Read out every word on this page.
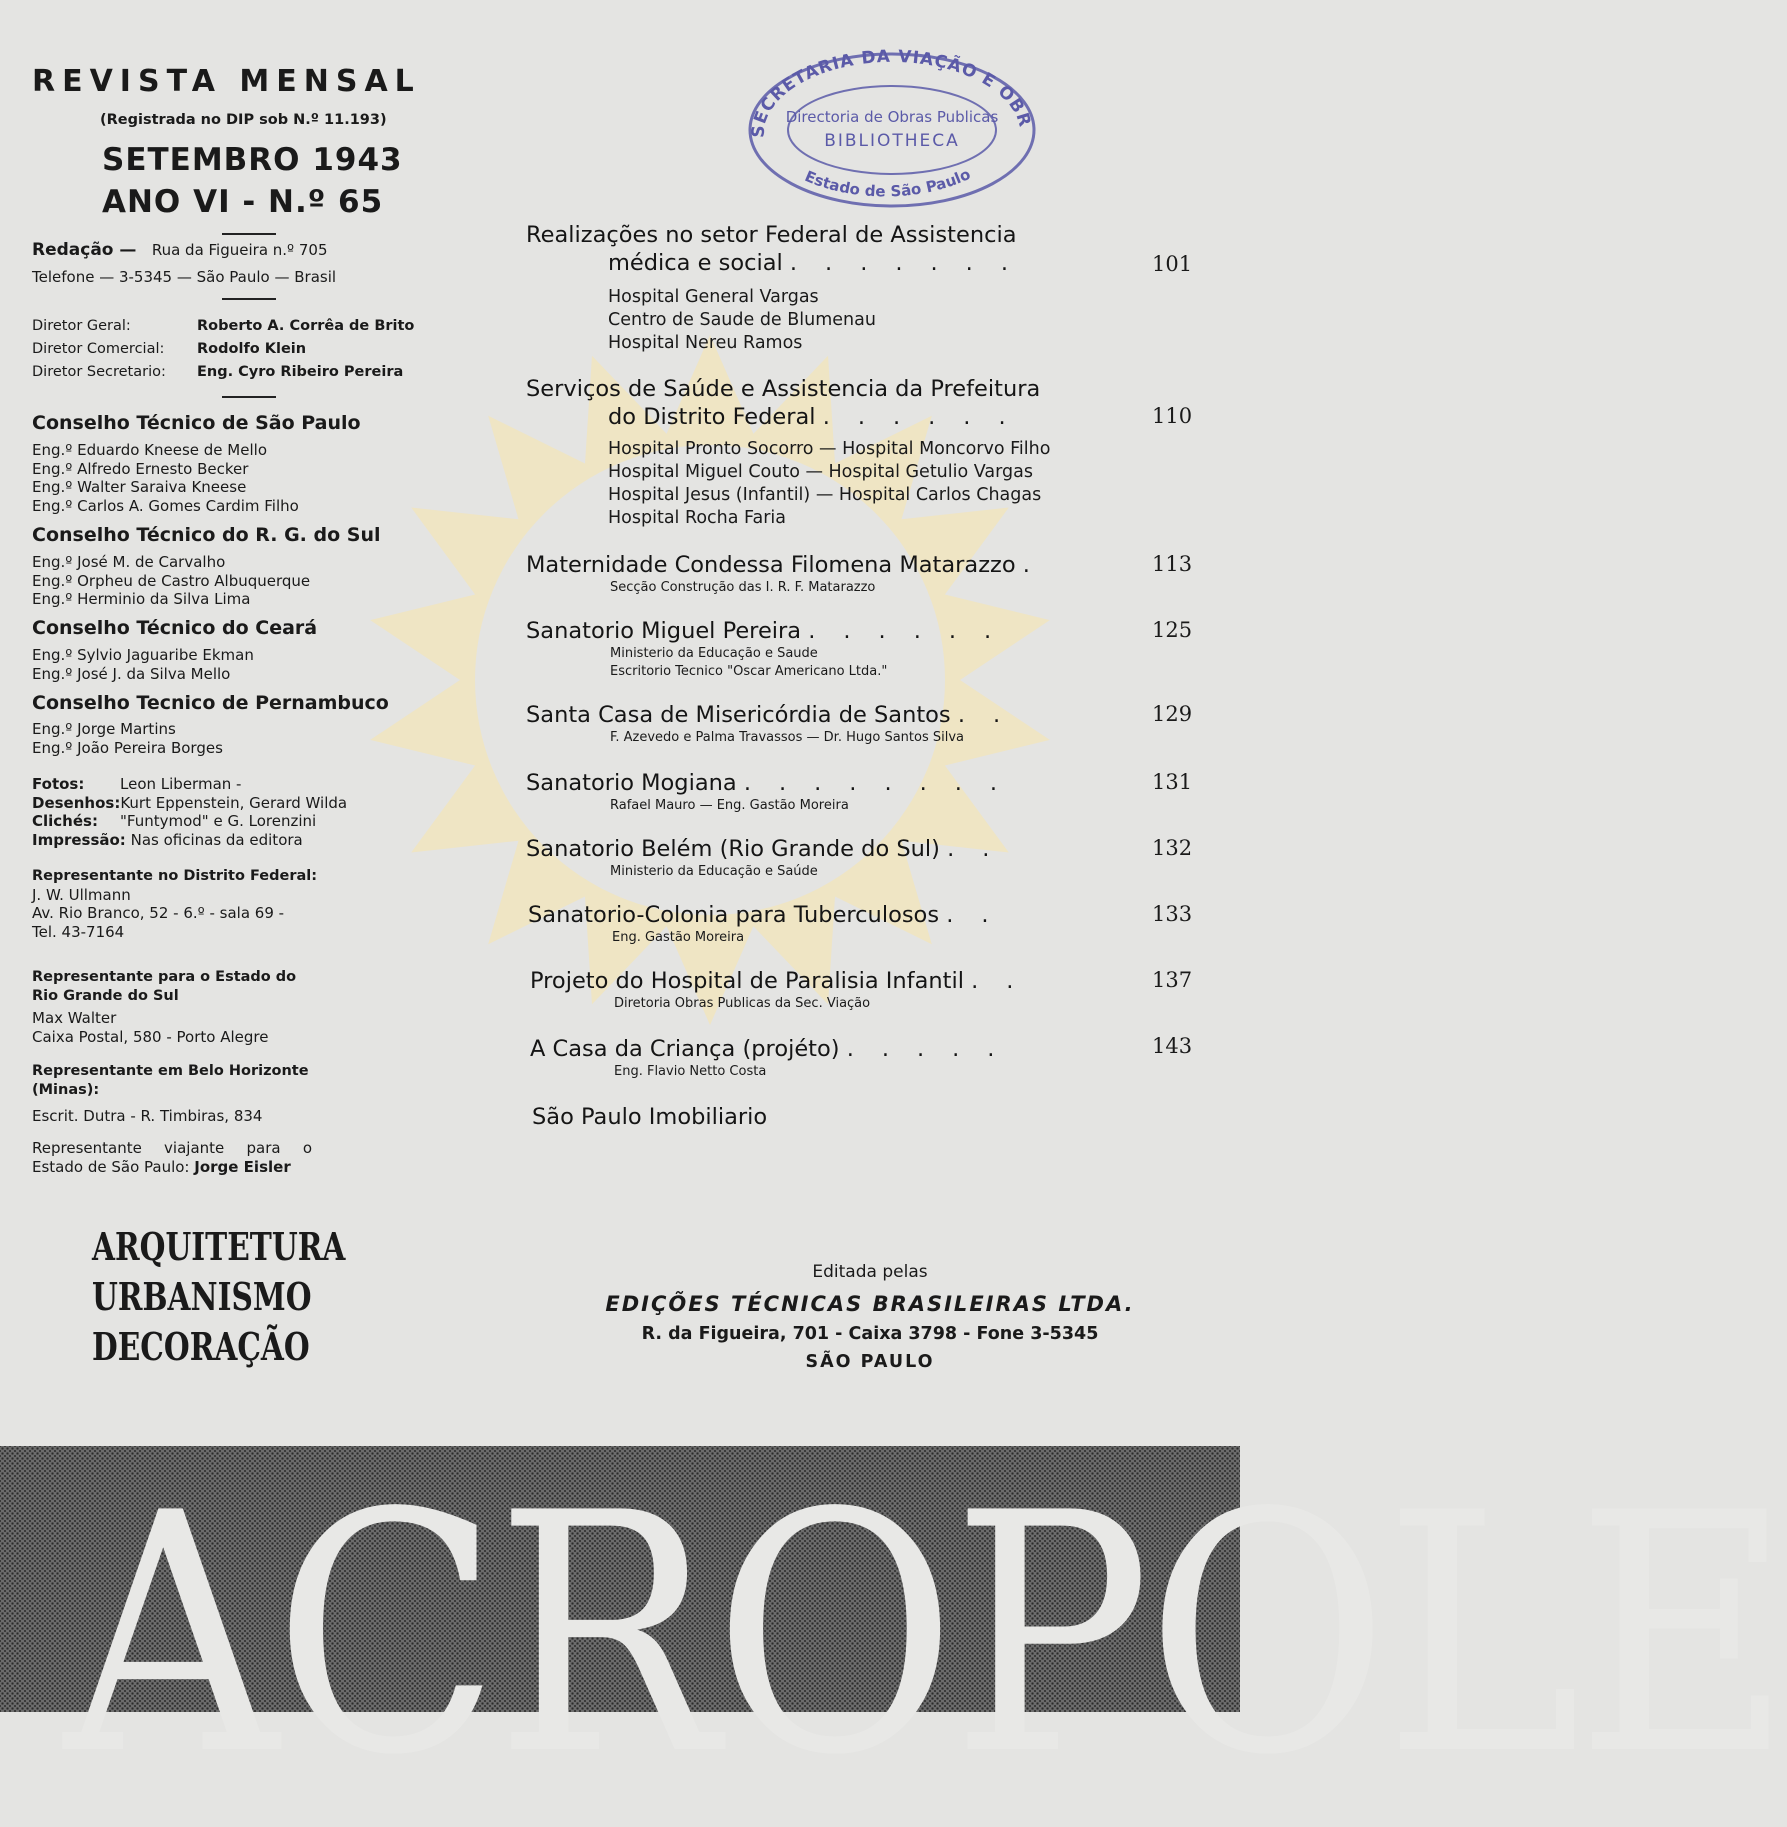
REVISTA MENSAL
(Registrada no DIP sob N.º 11.193)
SETEMBRO 1943
ANO VI - N.º 65
Redação — Rua da Figueira n.º 705
Telefone — 3-5345 — São Paulo — Brasil
Diretor Geral:	Roberto A. Corrêa de Brito
Diretor Comercial: Rodolfo Klein
Diretor Secretario: Eng. Cyro Ribeiro Pereira
Conselho Técnico de São Paulo
Eng.º Eduardo Kneese de Mello
Eng.º Alfredo Ernesto Becker
Eng.º Walter Saraiva Kneese
Eng.º Carlos A. Gomes Cardim Filho
Conselho Técnico do R. G. do Sul
Eng.º José M. de Carvalho
Eng.º Orpheu de Castro Albuquerque
Eng.º Herminio da Silva Lima
Conselho Técnico do Ceará
Eng.º Sylvio Jaguaribe Ekman
Eng.º José J. da Silva Mello
Conselho Tecnico de Pernambuco
Eng.º Jorge Martins
Eng.º João Pereira Borges
Fotos: Leon Liberman -
Desenhos:Kurt Eppenstein, Gerard Wilda
Clichés: "Funtymod" e G. Lorenzini
Impressão: Nas oficinas da editora
Representante no Distrito Federal:
J. W. Ullmann
Av. Rio Branco, 52 - 6.º - sala 69 -
Tel. 43-7164
Representante para o Estado do
Rio Grande do Sul
Max Walter
Caixa Postal, 580 - Porto Alegre
Representante em Belo Horizonte
(Minas):
Escrit. Dutra - R. Timbiras, 834
Representante viajante para o
Estado de São Paulo: Jorge Eisler
ARQUITETURA
URBANISMO
DECORAÇÃO
SECRETARIA DA VIAÇÃO E OBR
Estado de São Paulo
Directoria de Obras Publicas
BIBLIOTHECA
Realizações no setor Federal de Assistencia
médica e social .......	101
Hospital General Vargas
Centro de Saude de Blumenau
Hospital Nereu Ramos
Serviços de Saúde e Assistencia da Prefeitura
do Distrito Federal ......	110
Hospital Pronto Socorro — Hospital Moncorvo Filho
Hospital Miguel Couto — Hospital Getulio Vargas
Hospital Jesus (Infantil) — Hospital Carlos Chagas
Hospital Rocha Faria
Maternidade Condessa Filomena Matarazzo .	113
Secção Construção das I. R. F. Matarazzo
Sanatorio Miguel Pereira ......	125
Ministerio da Educação e Saude
Escritorio Tecnico "Oscar Americano Ltda."
Santa Casa de Misericórdia de Santos ..	129
F. Azevedo e Palma Travassos — Dr. Hugo Santos Silva
Sanatorio Mogiana ........	131
Rafael Mauro — Eng. Gastão Moreira
Sanatorio Belém (Rio Grande do Sul) ..	132
Ministerio da Educação e Saúde
Sanatorio-Colonia para Tuberculosos ..	133
Eng. Gastão Moreira
Projeto do Hospital de Paralisia Infantil ..	137
Diretoria Obras Publicas da Sec. Viação
A Casa da Criança (projéto) .....	143
Eng. Flavio Netto Costa
São Paulo Imobiliario
Editada pelas
EDIÇÕES TÉCNICAS BRASILEIRAS LTDA.
R. da Figueira, 701 - Caixa 3798 - Fone 3-5345
SÃO PAULO
ACROPOLE
